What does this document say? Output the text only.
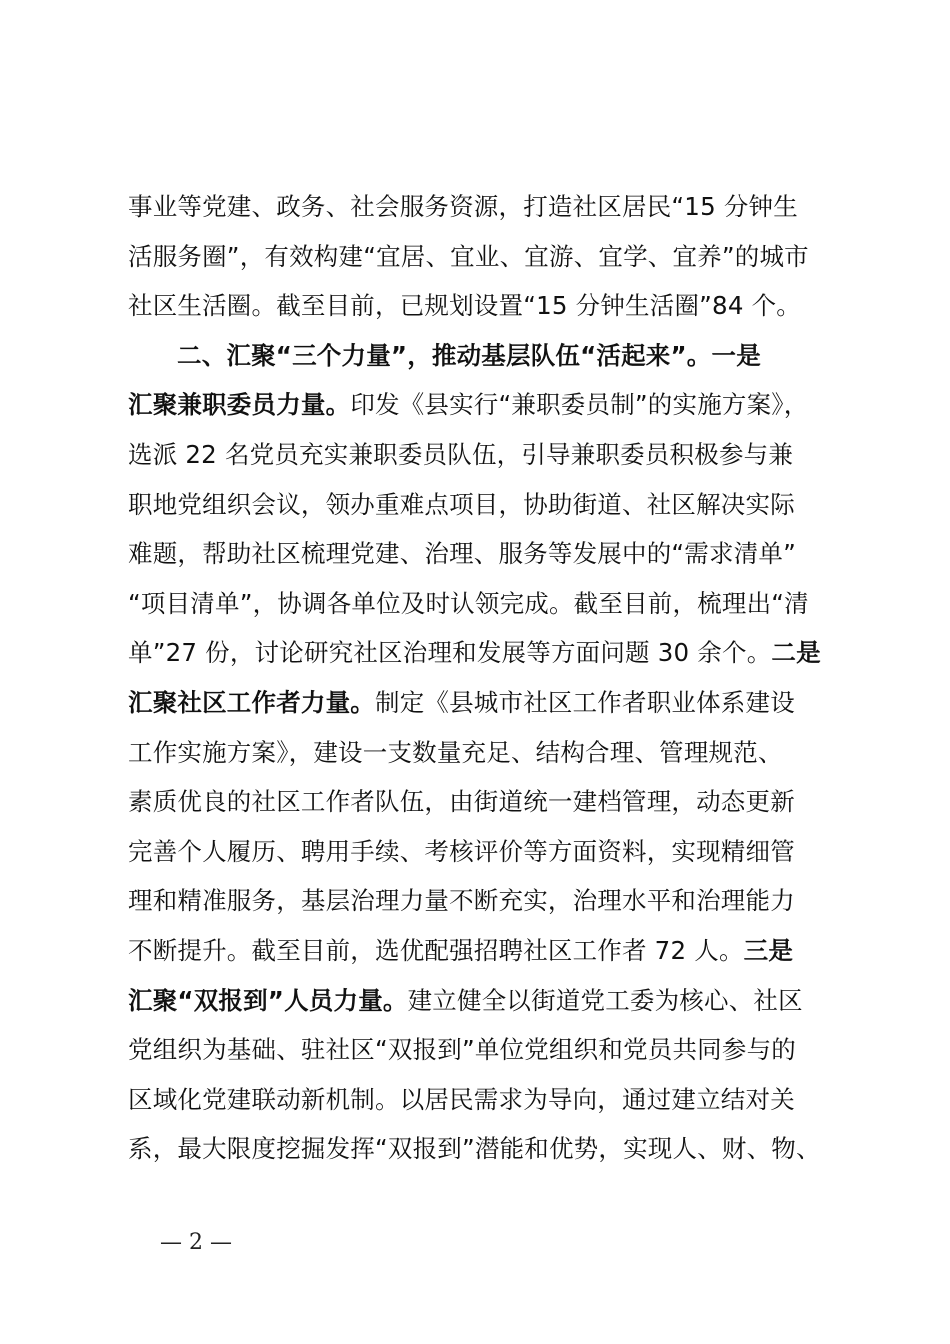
事业等党建、政务、社会服务资源，打造社区居民“15 分钟生
活服务圈”，有效构建“宜居、宜业、宜游、宜学、宜养”的城市
社区生活圈。截至目前，已规划设置“15 分钟生活圈”84 个。
二、汇聚“三个力量”，推动基层队伍“活起来”。一是
汇聚兼职委员力量。印发《县实行“兼职委员制”的实施方案》，
选派 22 名党员充实兼职委员队伍，引导兼职委员积极参与兼
职地党组织会议，领办重难点项目，协助街道、社区解决实际
难题，帮助社区梳理党建、治理、服务等发展中的“需求清单”
“项目清单”，协调各单位及时认领完成。截至目前，梳理出“清
单”27 份，讨论研究社区治理和发展等方面问题 30 余个。二是
汇聚社区工作者力量。制定《县城市社区工作者职业体系建设
工作实施方案》，建设一支数量充足、结构合理、管理规范、
素质优良的社区工作者队伍，由街道统一建档管理，动态更新
完善个人履历、聘用手续、考核评价等方面资料，实现精细管
理和精准服务，基层治理力量不断充实，治理水平和治理能力
不断提升。截至目前，选优配强招聘社区工作者 72 人。三是
汇聚“双报到”人员力量。建立健全以街道党工委为核心、社区
党组织为基础、驻社区“双报到”单位党组织和党员共同参与的
区域化党建联动新机制。以居民需求为导向，通过建立结对关
系，最大限度挖掘发挥“双报到”潜能和优势，实现人、财、物、
— 2 —
